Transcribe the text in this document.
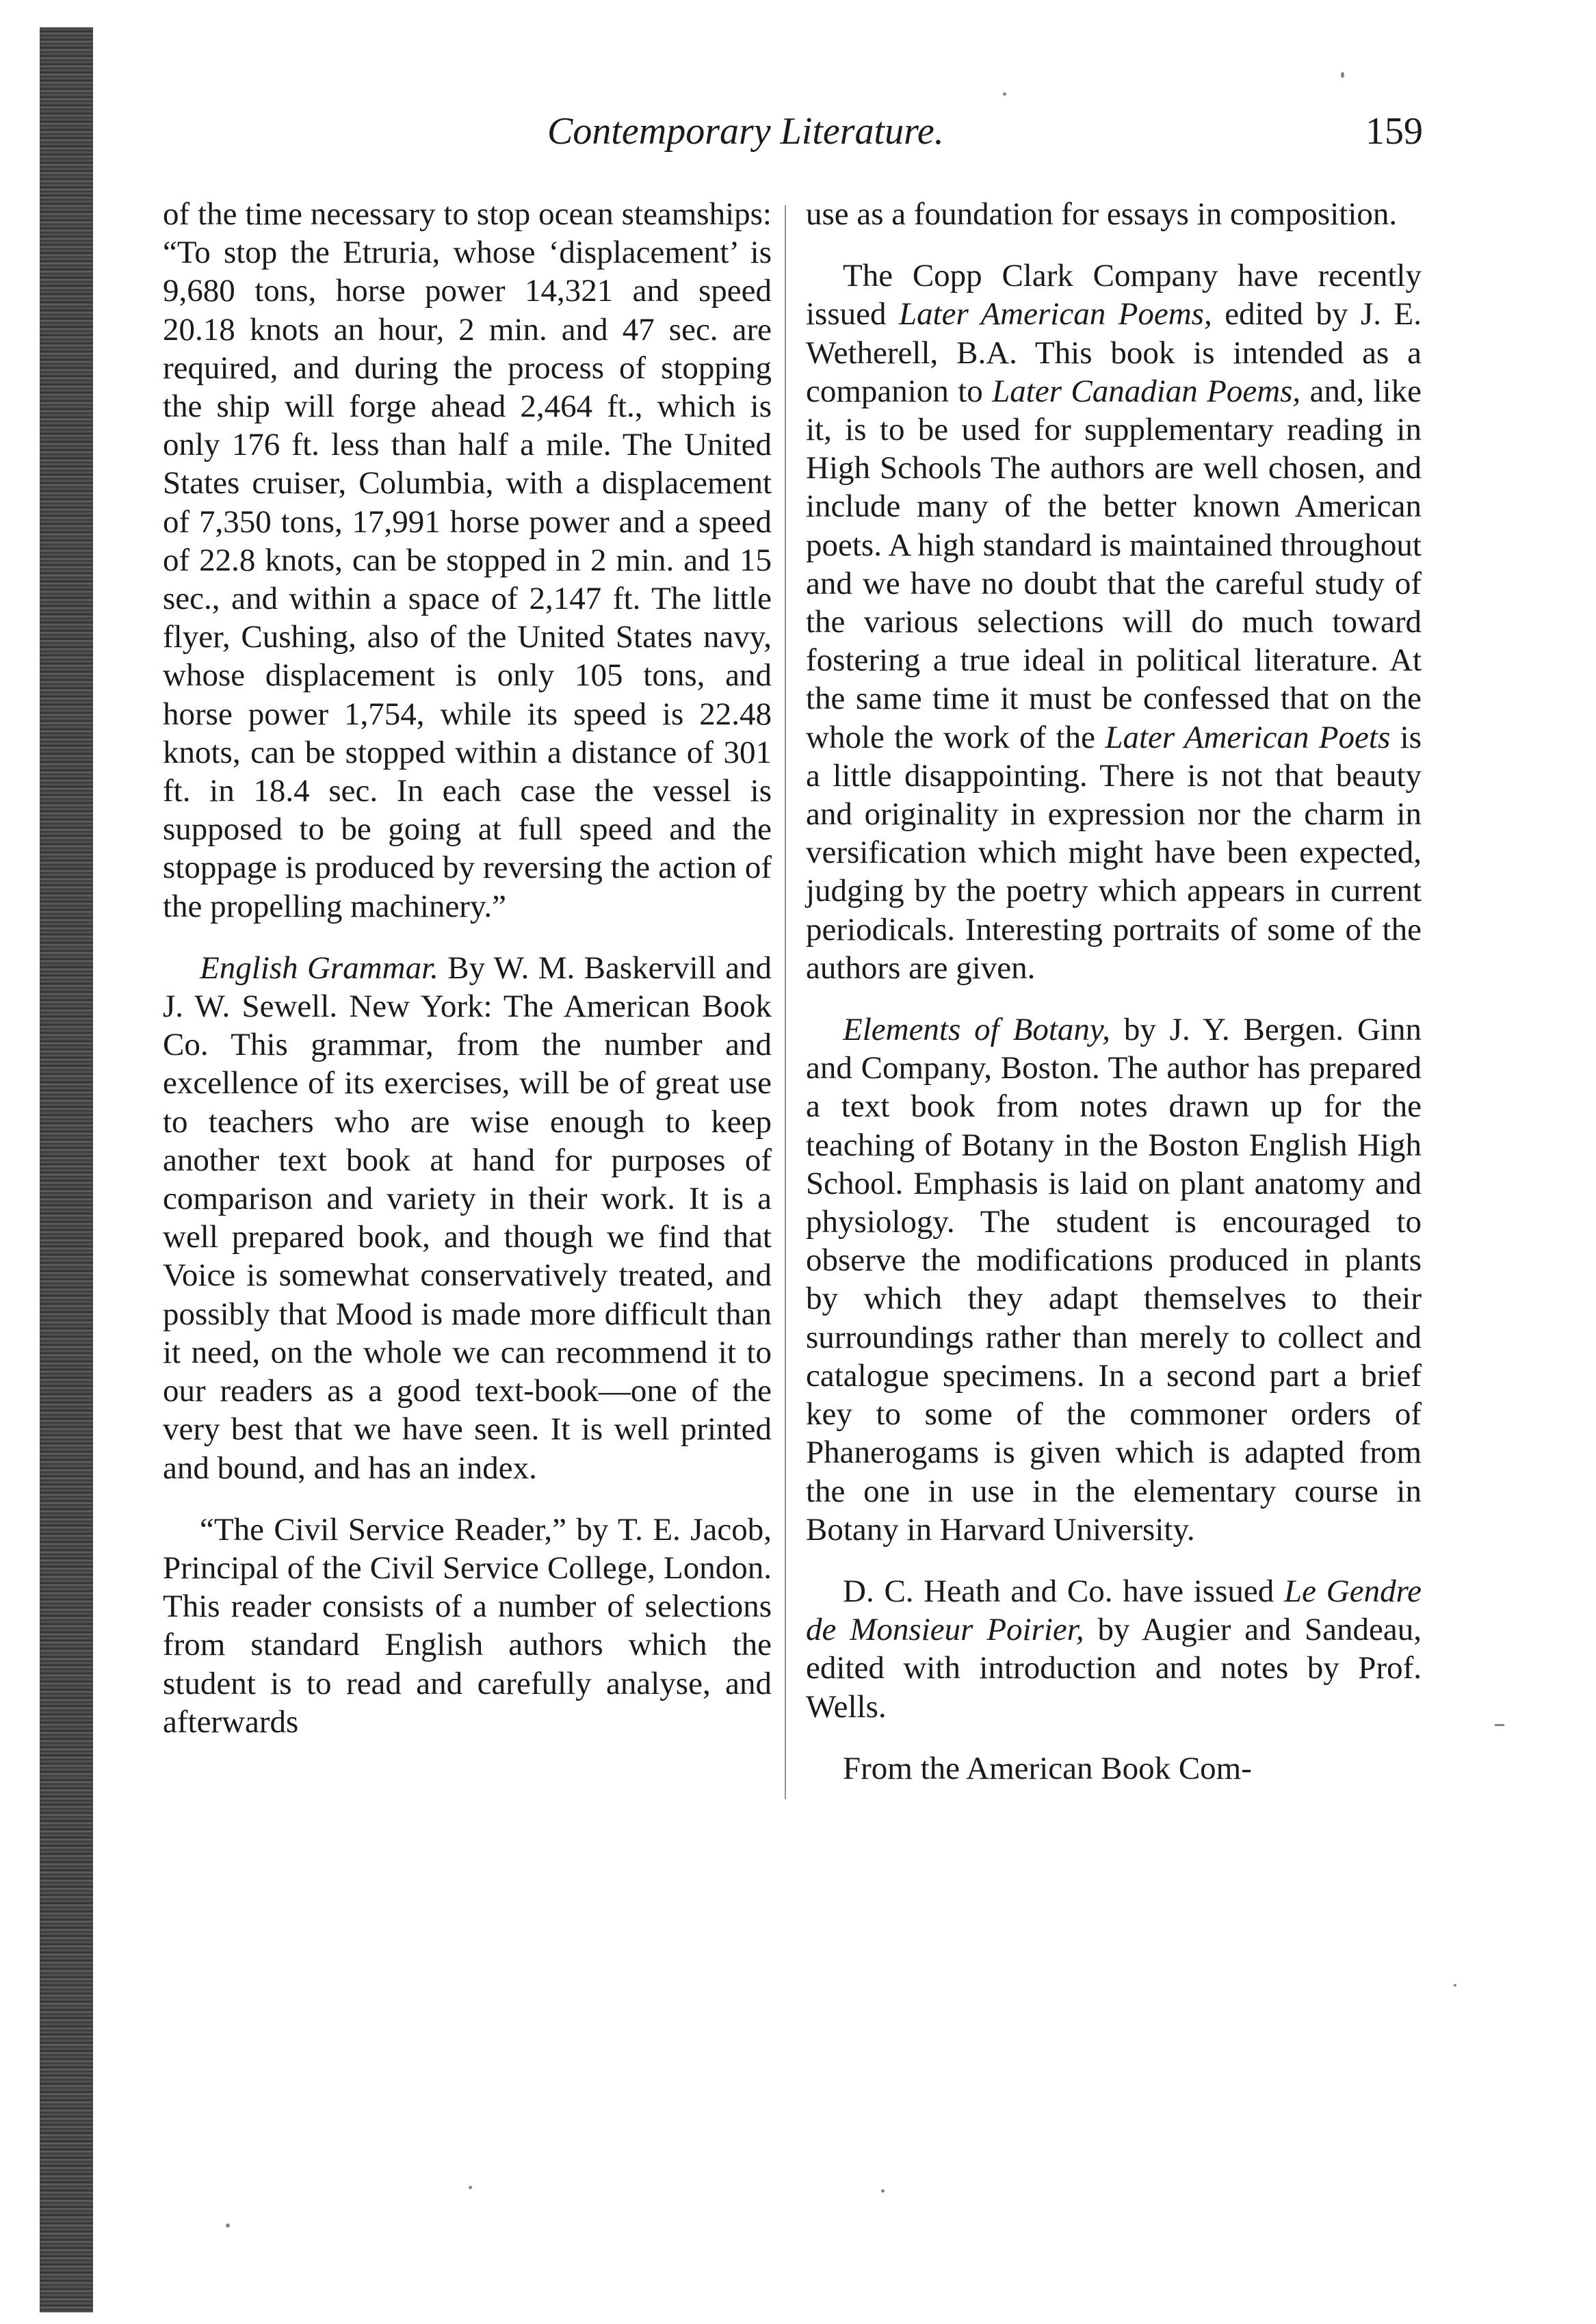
Contemporary Literature.	159

of the time necessary to stop ocean steamships: “To stop the Etruria, whose ‘displacement’ is 9,680 tons, horse power 14,321 and speed 20.18 knots an hour, 2 min. and 47 sec. are required, and during the process of stopping the ship will forge ahead 2,464 ft., which is only 176 ft. less than half a mile. The United States cruiser, Columbia, with a displacement of 7,350 tons, 17,991 horse power and a speed of 22.8 knots, can be stopped in 2 min. and 15 sec., and within a space of 2,147 ft. The little flyer, Cushing, also of the United States navy, whose displacement is only 105 tons, and horse power 1,754, while its speed is 22.48 knots, can be stopped within a distance of 301 ft. in 18.4 sec. In each case the vessel is supposed to be going at full speed and the stoppage is produced by reversing the action of the propelling machinery.”

English Grammar. By W. M. Baskervill and J. W. Sewell. New York: The American Book Co. This grammar, from the number and excellence of its exercises, will be of great use to teachers who are wise enough to keep another text book at hand for purposes of comparison and variety in their work. It is a well prepared book, and though we find that Voice is somewhat conservatively treated, and possibly that Mood is made more difficult than it need, on the whole we can recommend it to our readers as a good text-book—one of the very best that we have seen. It is well printed and bound, and has an index.

“The Civil Service Reader,” by T. E. Jacob, Principal of the Civil Service College, London. This reader consists of a number of selections from standard English authors which the student is to read and carefully analyse, and afterwards

use as a foundation for essays in composition.

The Copp Clark Company have recently issued Later American Poems, edited by J. E. Wetherell, B.A. This book is intended as a companion to Later Canadian Poems, and, like it, is to be used for supplementary reading in High Schools The authors are well chosen, and include many of the better known American poets. A high standard is maintained throughout and we have no doubt that the careful study of the various selections will do much toward fostering a true ideal in political literature. At the same time it must be confessed that on the whole the work of the Later American Poets is a little disappointing. There is not that beauty and originality in expression nor the charm in versification which might have been expected, judging by the poetry which appears in current periodicals. Interesting portraits of some of the authors are given.

Elements of Botany, by J. Y. Bergen. Ginn and Company, Boston. The author has prepared a text book from notes drawn up for the teaching of Botany in the Boston English High School. Emphasis is laid on plant anatomy and physiology. The student is encouraged to observe the modifications produced in plants by which they adapt themselves to their surroundings rather than merely to collect and catalogue specimens. In a second part a brief key to some of the commoner orders of Phanerogams is given which is adapted from the one in use in the elementary course in Botany in Harvard University.

D. C. Heath and Co. have issued Le Gendre de Monsieur Poirier, by Augier and Sandeau, edited with introduction and notes by Prof. Wells.

From the American Book Com-
